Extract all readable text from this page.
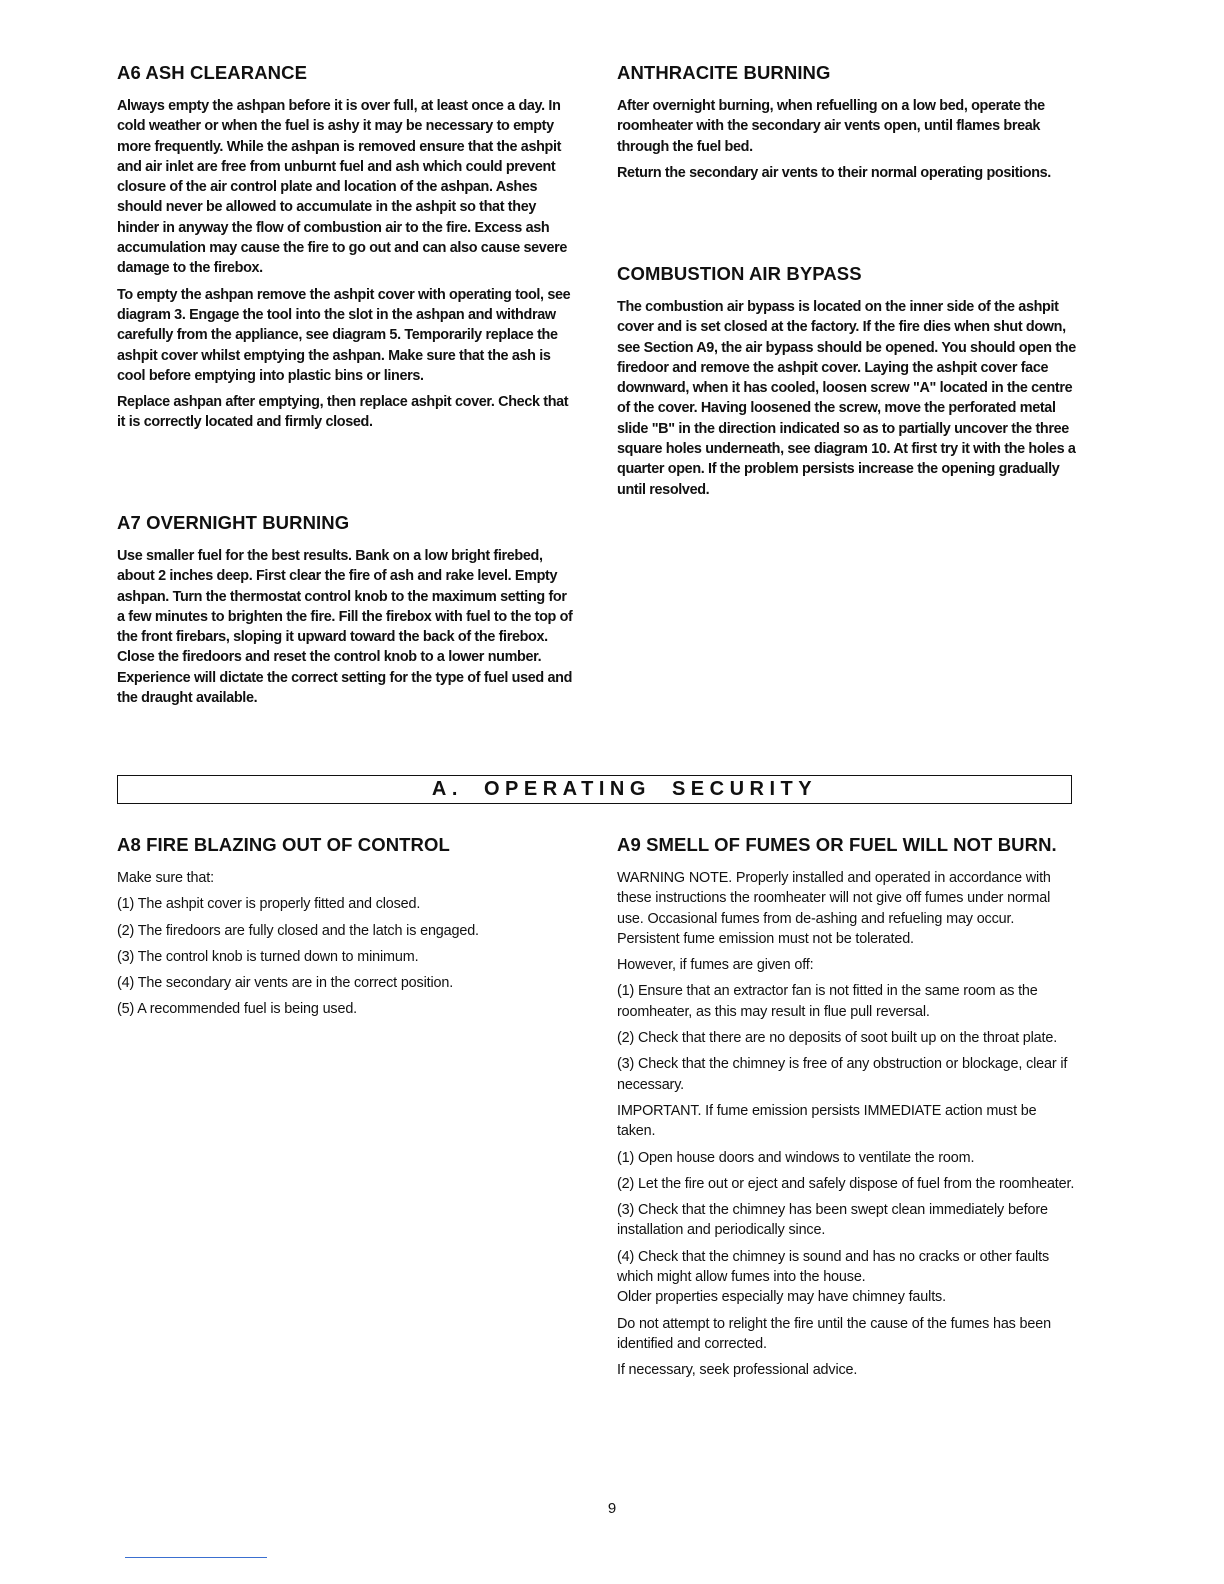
A6 ASH CLEARANCE

Always empty the ashpan before it is over full, at least once a day. In cold weather or when the fuel is ashy it may be necessary to empty more frequently. While the ashpan is removed ensure that the ashpit and air inlet are free from unburnt fuel and ash which could prevent closure of the air control plate and location of the ashpan. Ashes should never be allowed to accumulate in the ashpit so that they hinder in anyway the flow of combustion air to the fire. Excess ash accumulation may cause the fire to go out and can also cause severe damage to the firebox.

To empty the ashpan remove the ashpit cover with operating tool, see diagram 3. Engage the tool into the slot in the ashpan and withdraw carefully from the appliance, see diagram 5. Temporarily replace the ashpit cover whilst emptying the ashpan. Make sure that the ash is cool before emptying into plastic bins or liners.

Replace ashpan after emptying, then replace ashpit cover. Check that it is correctly located and firmly closed.

A7 OVERNIGHT BURNING

Use smaller fuel for the best results. Bank on a low bright firebed, about 2 inches deep. First clear the fire of ash and rake level. Empty ashpan. Turn the thermostat control knob to the maximum setting for a few minutes to brighten the fire. Fill the firebox with fuel to the top of the front firebars, sloping it upward toward the back of the firebox. Close the firedoors and reset the control knob to a lower number.

Experience will dictate the correct setting for the type of fuel used and the draught available.

ANTHRACITE BURNING

After overnight burning, when refuelling on a low bed, operate the roomheater with the secondary air vents open, until flames break through the fuel bed.

Return the secondary air vents to their normal operating positions.

COMBUSTION AIR BYPASS

The combustion air bypass is located on the inner side of the ashpit cover and is set closed at the factory. If the fire dies when shut down, see Section A9, the air bypass should be opened. You should open the firedoor and remove the ashpit cover. Laying the ashpit cover face downward, when it has cooled, loosen screw "A" located in the centre of the cover. Having loosened the screw, move the perforated metal slide "B" in the direction indicated so as to partially uncover the three square holes underneath, see diagram 10. At first try it with the holes a quarter open. If the problem persists increase the opening gradually until resolved.

A. OPERATING SECURITY
A8 FIRE BLAZING OUT OF CONTROL

Make sure that:

(1) The ashpit cover is properly fitted and closed.

(2) The firedoors are fully closed and the latch is engaged.

(3) The control knob is turned down to minimum.

(4) The secondary air vents are in the correct position.

(5) A recommended fuel is being used.

A9 SMELL OF FUMES OR FUEL WILL NOT BURN.

WARNING NOTE. Properly installed and operated in accordance with these instructions the roomheater will not give off fumes under normal use. Occasional fumes from de-ashing and refueling may occur. Persistent fume emission must not be tolerated.

However, if fumes are given off:

(1) Ensure that an extractor fan is not fitted in the same room as the roomheater, as this may result in flue pull reversal.

(2) Check that there are no deposits of soot built up on the throat plate.

(3) Check that the chimney is free of any obstruction or blockage, clear if necessary.

IMPORTANT. If fume emission persists IMMEDIATE action must be taken.

(1) Open house doors and windows to ventilate the room.

(2) Let the fire out or eject and safely dispose of fuel from the roomheater.

(3) Check that the chimney has been swept clean immediately before installation and periodically since.

(4) Check that the chimney is sound and has no cracks or other faults which might allow fumes into the house.

Older properties especially may have chimney faults.

Do not attempt to relight the fire until the cause of the fumes has been identified and corrected.

If necessary, seek professional advice.

9
